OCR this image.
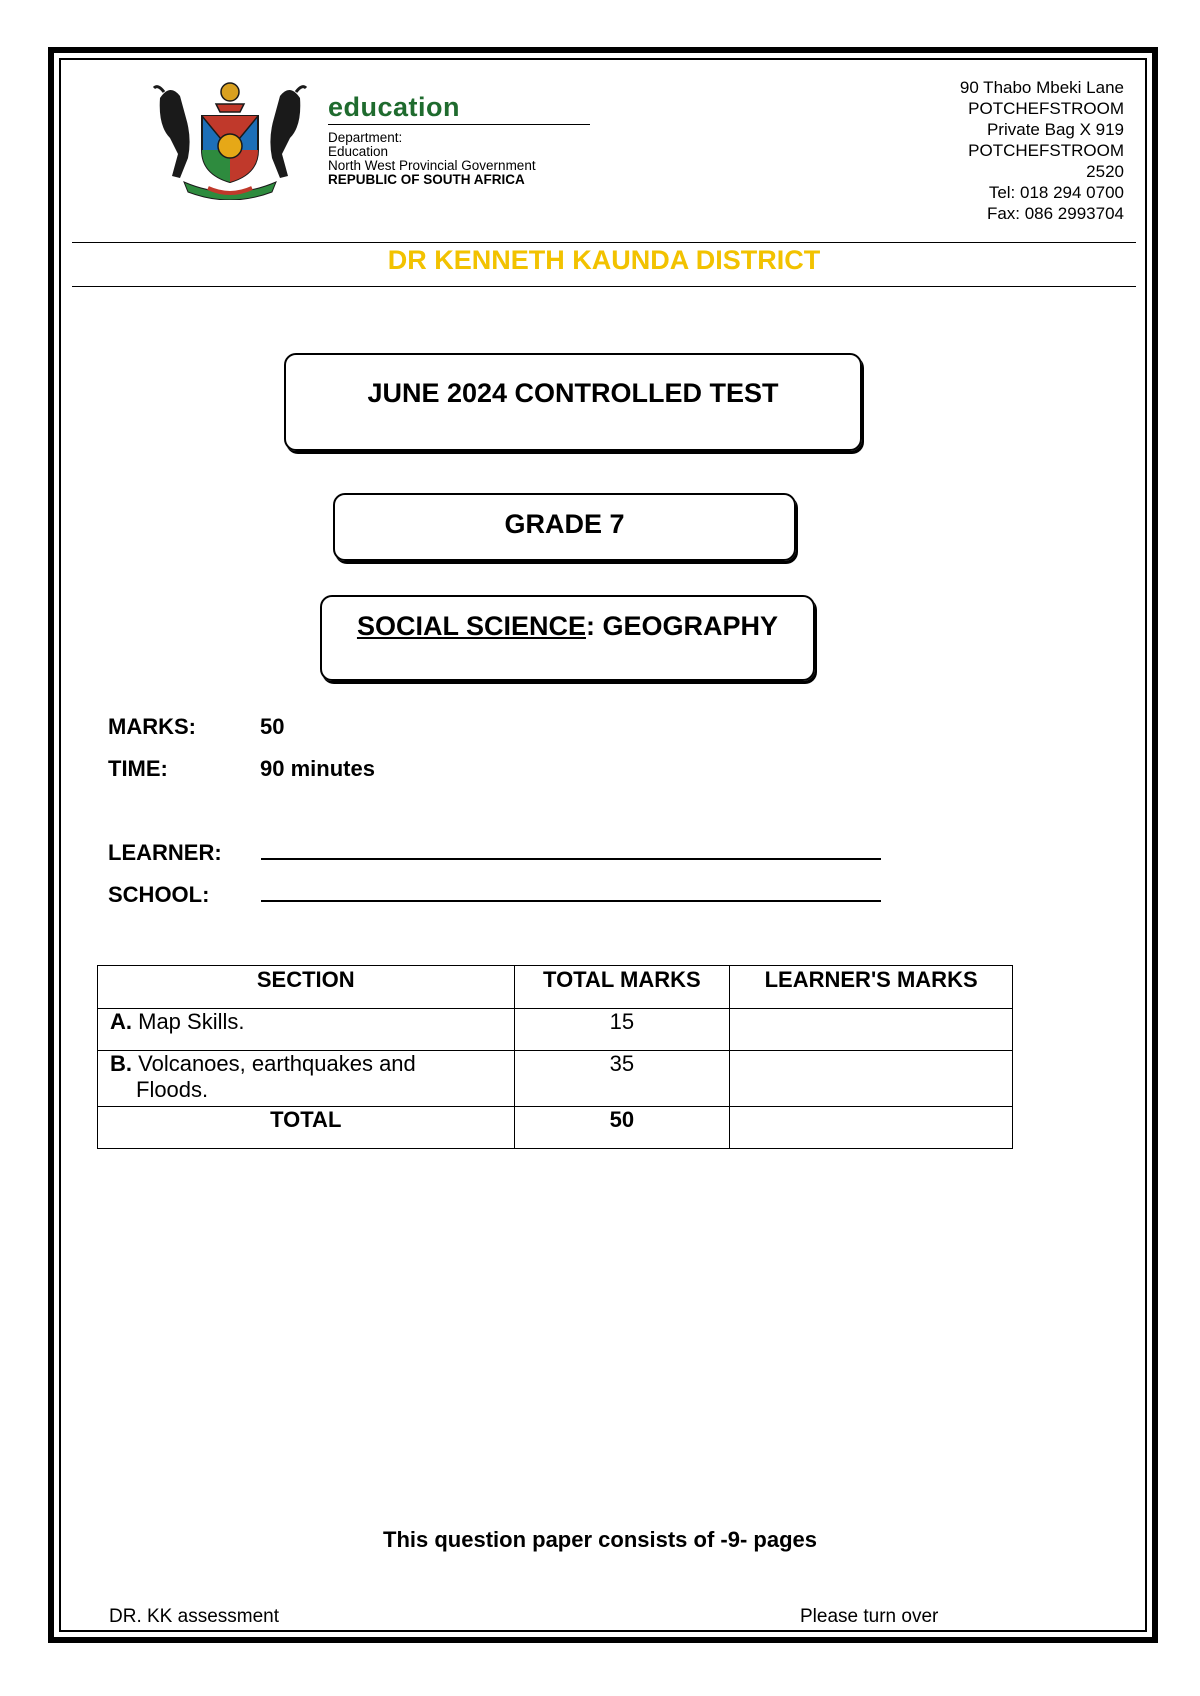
education
Department:
Education
North West Provincial Government
REPUBLIC OF SOUTH AFRICA
90 Thabo Mbeki Lane
POTCHEFSTROOM
Private Bag X 919
POTCHEFSTROOM
2520
Tel: 018 294 0700
Fax: 086 2993704
DR KENNETH KAUNDA DISTRICT
JUNE 2024 CONTROLLED TEST
GRADE 7
SOCIAL SCIENCE: GEOGRAPHY
MARKS:	50
TIME:	90 minutes
LEARNER:
SCHOOL:
SECTION	TOTAL MARKS	LEARNER'S MARKS
A. Map Skills.	15	
B. Volcanoes, earthquakes and
Floods.	35	
TOTAL	50	
This question paper consists of -9- pages
DR. KK assessment	Please turn over
